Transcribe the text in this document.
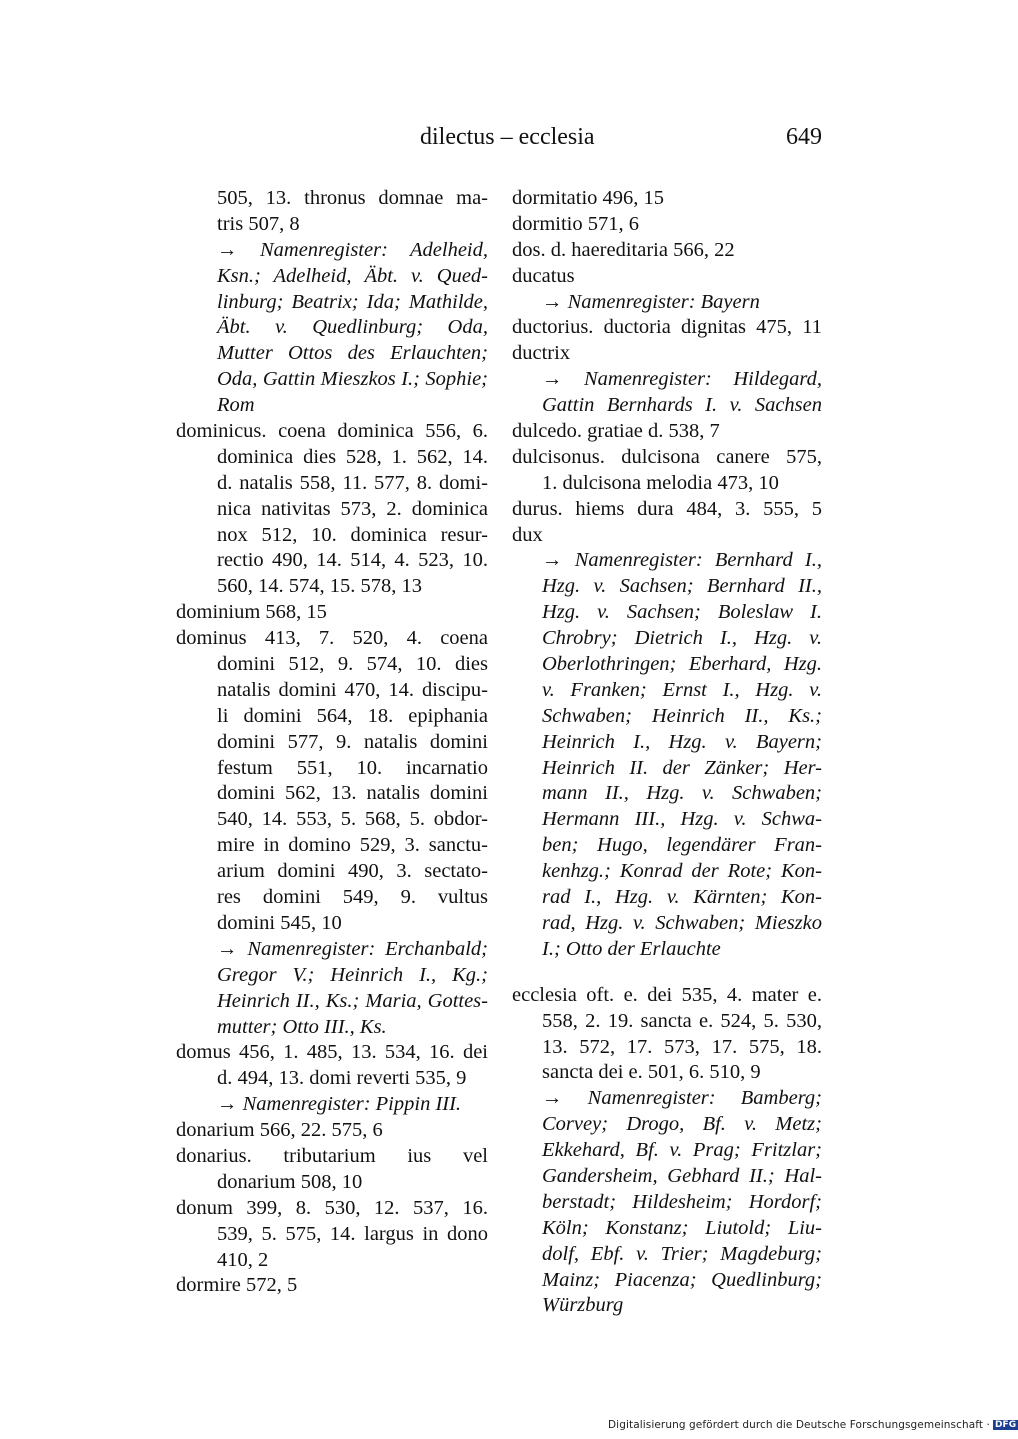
dilectus – ecclesia	649
505, 13. thronus domnae ma-
tris 507, 8
→ Namenregister: Adelheid,
Ksn.; Adelheid, Äbt. v. Qued-
linburg; Beatrix; Ida; Mathilde,
Äbt. v. Quedlinburg; Oda,
Mutter Ottos des Erlauchten;
Oda, Gattin Mieszkos I.; Sophie;
Rom
dominicus. coena dominica 556, 6.
dominica dies 528, 1. 562, 14.
d. natalis 558, 11. 577, 8. domi-
nica nativitas 573, 2. dominica
nox 512, 10. dominica resur-
rectio 490, 14. 514, 4. 523, 10.
560, 14. 574, 15. 578, 13
dominium 568, 15
dominus 413, 7. 520, 4. coena
domini 512, 9. 574, 10. dies
natalis domini 470, 14. discipu-
li domini 564, 18. epiphania
domini 577, 9. natalis domini
festum 551, 10. incarnatio
domini 562, 13. natalis domini
540, 14. 553, 5. 568, 5. obdor-
mire in domino 529, 3. sanctu-
arium domini 490, 3. sectato-
res domini 549, 9. vultus
domini 545, 10
→ Namenregister: Erchanbald;
Gregor V.; Heinrich I., Kg.;
Heinrich II., Ks.; Maria, Gottes-
mutter; Otto III., Ks.
domus 456, 1. 485, 13. 534, 16. dei
d. 494, 13. domi reverti 535, 9
→ Namenregister: Pippin III.
donarium 566, 22. 575, 6
donarius. tributarium ius vel
donarium 508, 10
donum 399, 8. 530, 12. 537, 16.
539, 5. 575, 14. largus in dono
410, 2
dormire 572, 5
dormitatio 496, 15
dormitio 571, 6
dos. d. haereditaria 566, 22
ducatus
→ Namenregister: Bayern
ductorius. ductoria dignitas 475, 11
ductrix
→ Namenregister: Hildegard,
Gattin Bernhards I. v. Sachsen
dulcedo. gratiae d. 538, 7
dulcisonus. dulcisona canere 575,
1. dulcisona melodia 473, 10
durus. hiems dura 484, 3. 555, 5
dux
→ Namenregister: Bernhard I.,
Hzg. v. Sachsen; Bernhard II.,
Hzg. v. Sachsen; Boleslaw I.
Chrobry; Dietrich I., Hzg. v.
Oberlothringen; Eberhard, Hzg.
v. Franken; Ernst I., Hzg. v.
Schwaben; Heinrich II., Ks.;
Heinrich I., Hzg. v. Bayern;
Heinrich II. der Zänker; Her-
mann II., Hzg. v. Schwaben;
Hermann III., Hzg. v. Schwa-
ben; Hugo, legendärer Fran-
kenhzg.; Konrad der Rote; Kon-
rad I., Hzg. v. Kärnten; Kon-
rad, Hzg. v. Schwaben; Mieszko
I.; Otto der Erlauchte
ecclesia oft. e. dei 535, 4. mater e.
558, 2. 19. sancta e. 524, 5. 530,
13. 572, 17. 573, 17. 575, 18.
sancta dei e. 501, 6. 510, 9
→ Namenregister: Bamberg;
Corvey; Drogo, Bf. v. Metz;
Ekkehard, Bf. v. Prag; Fritzlar;
Gandersheim, Gebhard II.; Hal-
berstadt; Hildesheim; Hordorf;
Köln; Konstanz; Liutold; Liu-
dolf, Ebf. v. Trier; Magdeburg;
Mainz; Piacenza; Quedlinburg;
Würzburg
Digitalisierung gefördert durch die Deutsche Forschungsgemeinschaft · DFG
